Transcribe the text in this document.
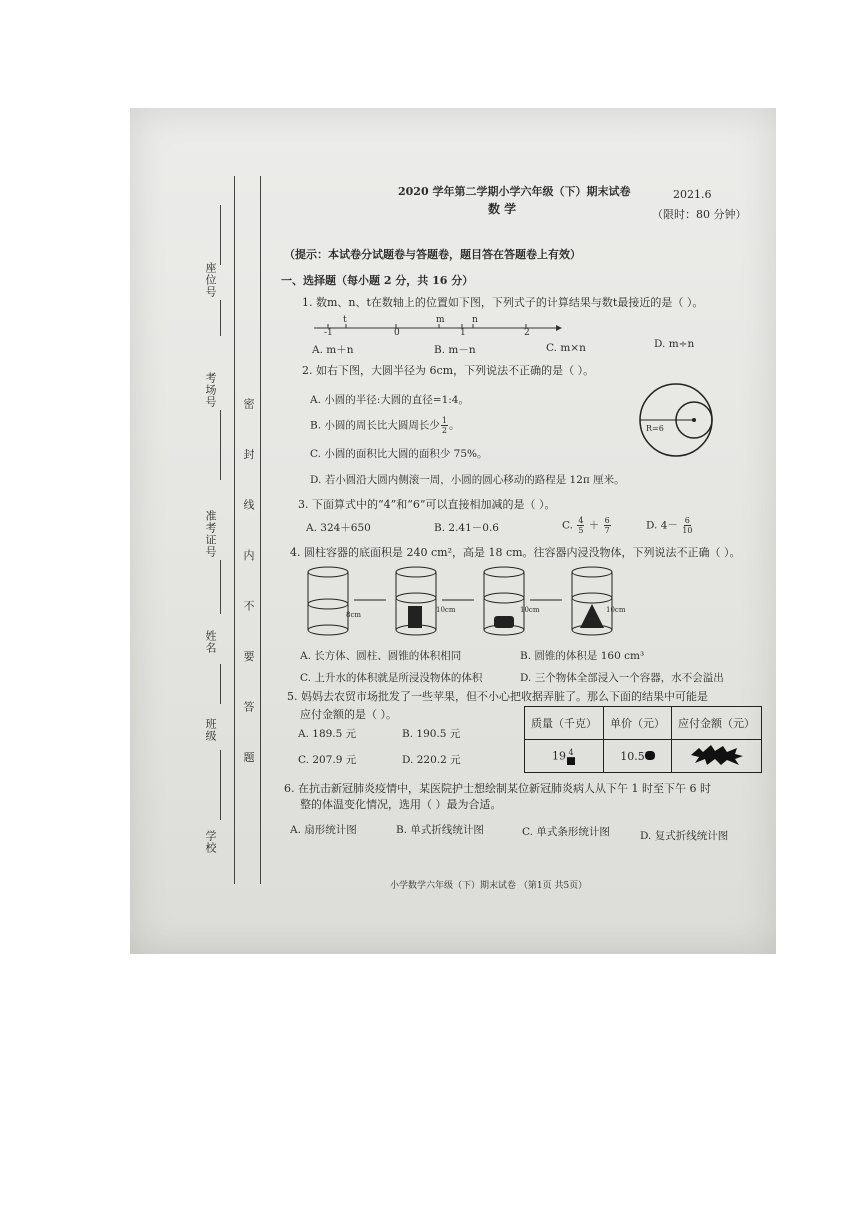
座位号
考场号
准考证号
姓名
班级
学校
密 封 线 内 不 要 答 题
2020 学年第二学期小学六年级（下）期末试卷
数 学
2021.6
（限时：80 分钟）
（提示：本试卷分试题卷与答题卷，题目答在答题卷上有效）
一、选择题（每小题 2 分，共 16 分）
1. 数m、n、t在数轴上的位置如下图，下列式子的计算结果与数t最接近的是（ ）。
-1
t
0
m
1
n
2
A. m＋n	B. m－n	C. m×n	D. m÷n
2. 如右下图，大圆半径为 6cm，下列说法不正确的是（ ）。
A. 小圆的半径:大圆的直径=1:4。
B. 小圆的周长比大圆周长少 $\frac{1}{2}$ 。
C. 小圆的面积比大圆的面积少 75%。
D. 若小圆沿大圆内侧滚一周，小圆的圆心移动的路程是 12π 厘米。
R=6
3. 下面算式中的“4”和“6”可以直接相加减的是（ ）。
A. 324＋650	B. 2.41－0.6	C. $\frac{4}{5} + \frac{6}{7}$	D. $4- \frac{6}{10}$
4. 圆柱容器的底面积是 240 cm²，高是 18 cm。往容器内浸没物体，下列说法不正确（ ）。
8cm
10cm	10cm	10cm
A. 长方体、圆柱、圆锥的体积相同	B. 圆锥的体积是 160 cm³
C. 上升水的体积就是所浸没物体的体积	D. 三个物体全部浸入一个容器，水不会溢出
5. 妈妈去农贸市场批发了一些苹果，但不小心把收据弄脏了。那么下面的结果中可能是
应付金额的是（ ）。
A. 189.5 元	B. 190.5 元
C. 207.9 元	D. 220.2 元
质量（千克）	单价（元）	应付金额（元）
19 4	10.5	
6. 在抗击新冠肺炎疫情中，某医院护士想绘制某位新冠肺炎病人从下午 1 时至下午 6 时
整的体温变化情况，选用（ ）最为合适。
A. 扇形统计图	B. 单式折线统计图	C. 单式条形统计图	D. 复式折线统计图
小学数学六年级（下）期末试卷 （第1页 共5页）
